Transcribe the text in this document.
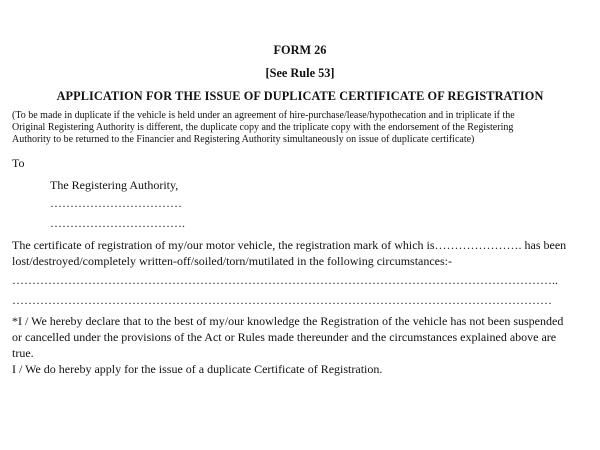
FORM 26
[See Rule 53]
APPLICATION FOR THE ISSUE OF DUPLICATE CERTIFICATE OF REGISTRATION
(To be made in duplicate if the vehicle is held under an agreement of hire-purchase/lease/hypothecation and in triplicate if the
Original Registering Authority is different, the duplicate copy and the triplicate copy with the endorsement of the Registering
Authority to be returned to the Financier and Registering Authority simultaneously on issue of duplicate certificate)
To
The Registering Authority,
……………………………
…………………………….
The certificate of registration of my/our motor vehicle, the registration mark of which is…………………. has been
lost/destroyed/completely written-off/soiled/torn/mutilated in the following circumstances:-
………………………………………………………………………………………………………………………..
………………………………………………………………………………………………………………………
*I / We hereby declare that to the best of my/our knowledge the Registration of the vehicle has not been suspended
or cancelled under the provisions of the Act or Rules made thereunder and the circumstances explained above are
true.
I / We do hereby apply for the issue of a duplicate Certificate of Registration.
